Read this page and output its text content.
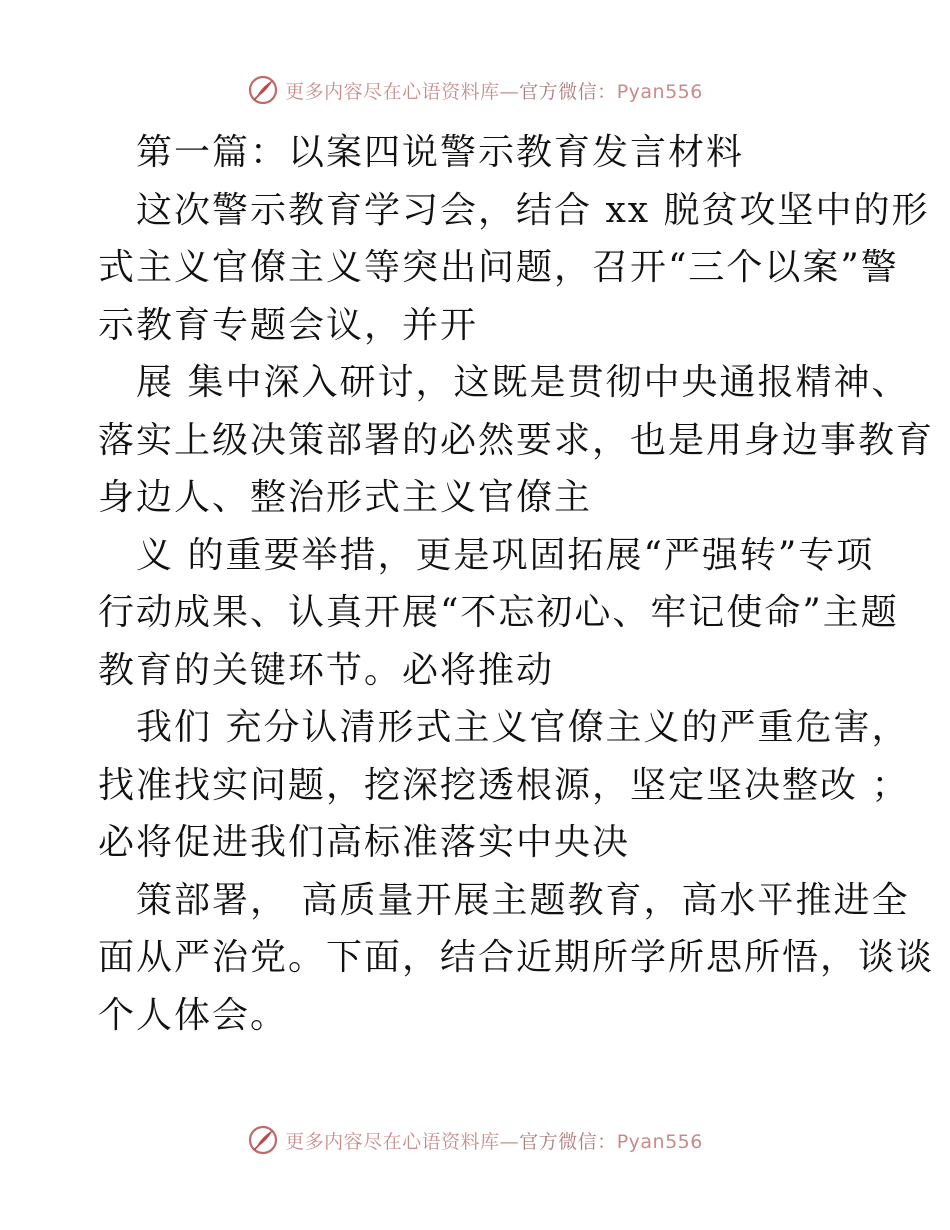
更多内容尽在心语资料库—官方微信：Pyan556
第一篇：以案四说警示教育发言材料
这次警示教育学习会，结合 xx 脱贫攻坚中的形
式主义官僚主义等突出问题，召开“三个以案”警
示教育专题会议，并开
展 集中深入研讨，这既是贯彻中央通报精神、
落实上级决策部署的必然要求，也是用身边事教育
身边人、整治形式主义官僚主
义 的重要举措，更是巩固拓展“严强转”专项
行动成果、认真开展“不忘初心、牢记使命”主题
教育的关键环节。必将推动
我们 充分认清形式主义官僚主义的严重危害，
找准找实问题，挖深挖透根源，坚定坚决整改 ；
必将促进我们高标准落实中央决
策部署， 高质量开展主题教育，高水平推进全
面从严治党。下面，结合近期所学所思所悟，谈谈
个人体会。
更多内容尽在心语资料库—官方微信：Pyan556
